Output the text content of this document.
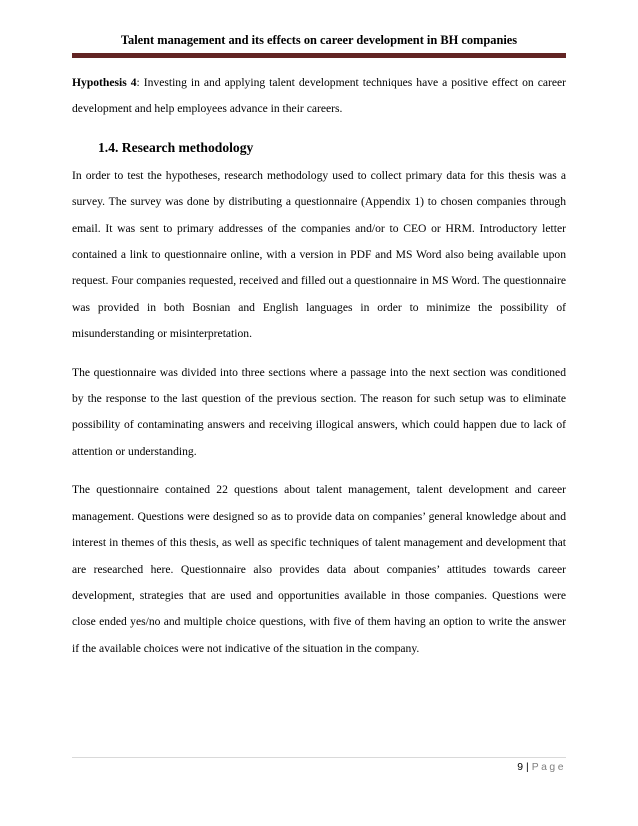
Talent management and its effects on career development in BH companies

Hypothesis 4: Investing in and applying talent development techniques have a positive effect on career development and help employees advance in their careers.

1.4. Research methodology

In order to test the hypotheses, research methodology used to collect primary data for this thesis was a survey. The survey was done by distributing a questionnaire (Appendix 1) to chosen companies through email. It was sent to primary addresses of the companies and/or to CEO or HRM. Introductory letter contained a link to questionnaire online, with a version in PDF and MS Word also being available upon request. Four companies requested, received and filled out a questionnaire in MS Word. The questionnaire was provided in both Bosnian and English languages in order to minimize the possibility of misunderstanding or misinterpretation.

The questionnaire was divided into three sections where a passage into the next section was conditioned by the response to the last question of the previous section. The reason for such setup was to eliminate possibility of contaminating answers and receiving illogical answers, which could happen due to lack of attention or understanding.

The questionnaire contained 22 questions about talent management, talent development and career management. Questions were designed so as to provide data on companies’ general knowledge about and interest in themes of this thesis, as well as specific techniques of talent management and development that are researched here. Questionnaire also provides data about companies’ attitudes towards career development, strategies that are used and opportunities available in those companies. Questions were close ended yes/no and multiple choice questions, with five of them having an option to write the answer if the available choices were not indicative of the situation in the company.

9 | Page
